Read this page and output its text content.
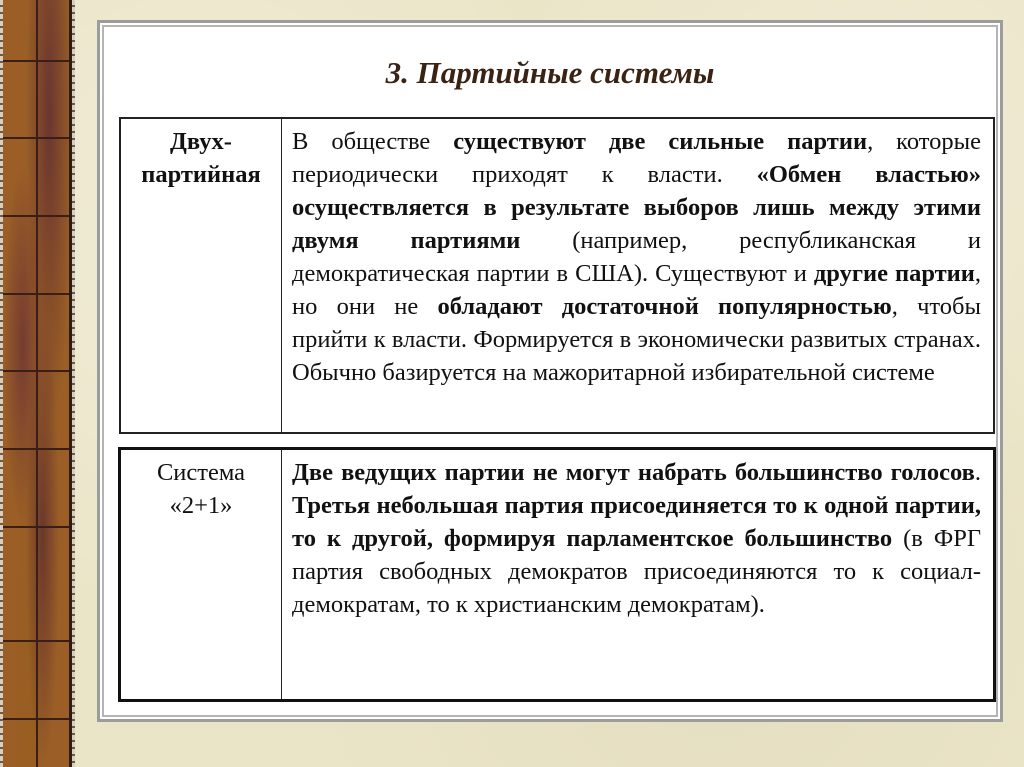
3. Партийные системы
Двух-
партийная
	В обществе существуют две сильные партии, которые периодически приходят к власти. «Обмен властью» осуществляется в результате выборов лишь между этими двумя партиями (например, республиканская и демократическая партии в США). Существуют и другие партии, но они не обладают достаточной популярностью, чтобы прийти к власти. Формируется в экономически развитых странах. Обычно базируется на мажоритарной избирательной системе
Система
«2+1»
	Две ведущих партии не могут набрать большинство голосов. Третья небольшая партия присоединяется то к одной партии, то к другой, формируя парламентское большинство (в ФРГ партия свободных демократов присоединяются то к социал-демократам, то к христианским демократам).
